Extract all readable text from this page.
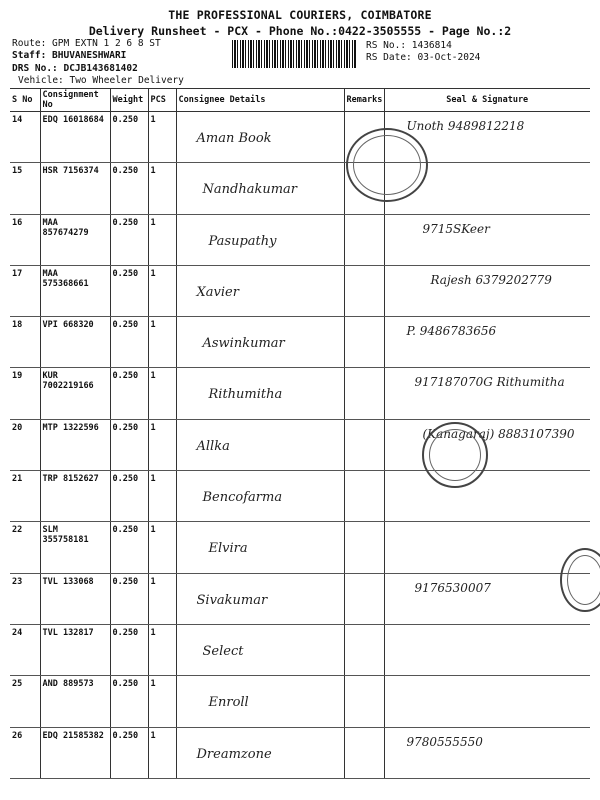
THE PROFESSIONAL COURIERS, COIMBATORE
Delivery Runsheet - PCX - Phone No.:0422-3505555 - Page No.:2
Route: GPM EXTN 1 2 6 8 ST
Staff: BHUVANESHWARI
DRS No.: DCJB143681402
Vehicle: Two Wheeler Delivery
RS No.: 1436814
RS Date: 03-Oct-2024
S No	Consignment No	Weight	PCS	Consignee Details	Remarks	Seal & Signature
14	EDQ 16018684	0.250	1	Aman Book		Unoth 9489812218

15	HSR 7156374	0.250	1	Nandhakumar		

16	MAA 857674279	0.250	1	Pasupathy		9715SKeer

17	MAA 575368661	0.250	1	Xavier		Rajesh 6379202779

18	VPI 668320	0.250	1	Aswinkumar		P. 9486783656

19	KUR 7002219166	0.250	1	Rithumitha		917187070G Rithumitha

20	MTP 1322596	0.250	1	Allka		(Kanagaraj) 8883107390

21	TRP 8152627	0.250	1	Bencofarma		

22	SLM 355758181	0.250	1	Elvira		

23	TVL 133068	0.250	1	Sivakumar		9176530007

24	TVL 132817	0.250	1	Select		

25	AND 889573	0.250	1	Enroll		

26	EDQ 21585382	0.250	1	Dreamzone		9780555550
